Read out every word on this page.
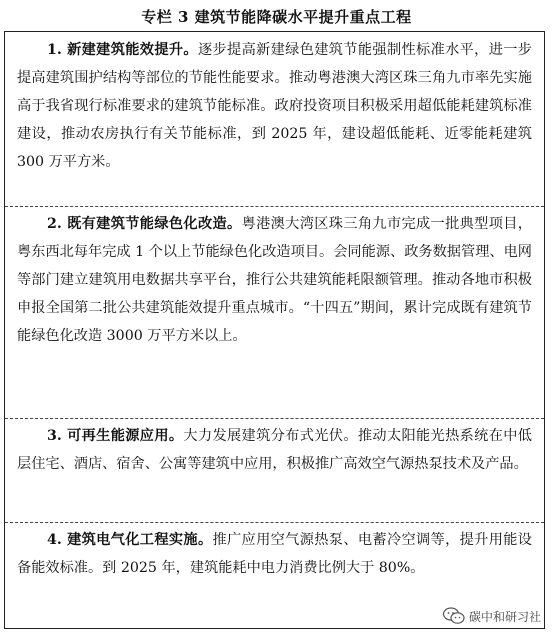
专栏 3 建筑节能降碳水平提升重点工程
1. 新建建筑能效提升。逐步提高新建绿色建筑节能强制性标准水平，进一步提高建筑围护结构等部位的节能性能要求。推动粤港澳大湾区珠三角九市率先实施高于我省现行标准要求的建筑节能标准。政府投资项目积极采用超低能耗建筑标准建设，推动农房执行有关节能标准，到 2025 年，建设超低能耗、近零能耗建筑 300 万平方米。
2. 既有建筑节能绿色化改造。粤港澳大湾区珠三角九市完成一批典型项目，粤东西北每年完成 1 个以上节能绿色化改造项目。会同能源、政务数据管理、电网等部门建立建筑用电数据共享平台，推行公共建筑能耗限额管理。推动各地市积极申报全国第二批公共建筑能效提升重点城市。“十四五”期间，累计完成既有建筑节能绿色化改造 3000 万平方米以上。
3. 可再生能源应用。大力发展建筑分布式光伏。推动太阳能光热系统在中低层住宅、酒店、宿舍、公寓等建筑中应用，积极推广高效空气源热泵技术及产品。
4. 建筑电气化工程实施。推广应用空气源热泵、电蓄冷空调等，提升用能设备能效标准。到 2025 年，建筑能耗中电力消费比例大于 80%。
碳中和研习社
